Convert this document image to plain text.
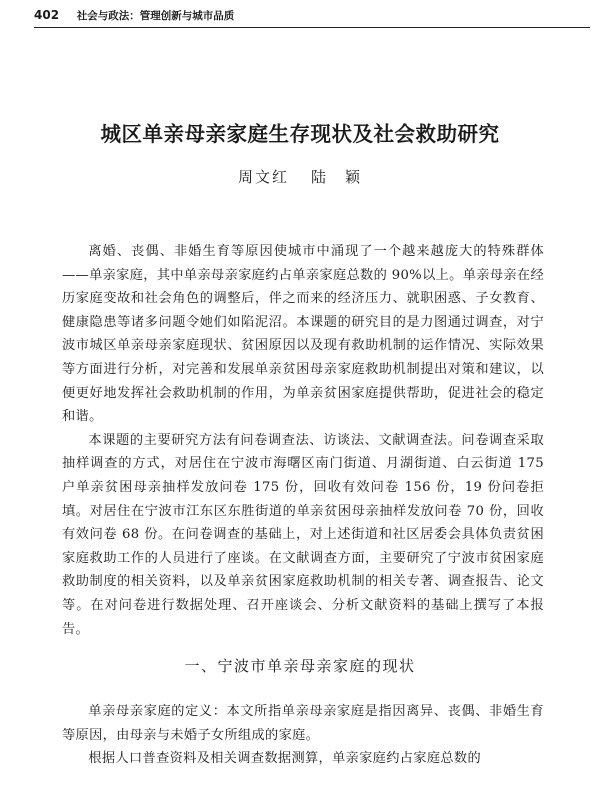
402 社会与政法：管理创新与城市品质
城区单亲母亲家庭生存现状及社会救助研究
周文红 陆　颖

离婚、丧偶、非婚生育等原因使城市中涌现了一个越来越庞大的特殊群体——单亲家庭，其中单亲母亲家庭约占单亲家庭总数的 90%以上。单亲母亲在经历家庭变故和社会角色的调整后，伴之而来的经济压力、就职困惑、子女教育、健康隐患等诸多问题令她们如陷泥沼。本课题的研究目的是力图通过调查，对宁波市城区单亲母亲家庭现状、贫困原因以及现有救助机制的运作情况、实际效果等方面进行分析，对完善和发展单亲贫困母亲家庭救助机制提出对策和建议，以便更好地发挥社会救助机制的作用，为单亲贫困家庭提供帮助，促进社会的稳定和谐。

本课题的主要研究方法有问卷调查法、访谈法、文献调查法。问卷调查采取抽样调查的方式，对居住在宁波市海曙区南门街道、月湖街道、白云街道 175 户单亲贫困母亲抽样发放问卷 175 份，回收有效问卷 156 份，19 份问卷拒填。对居住在宁波市江东区东胜街道的单亲贫困母亲抽样发放问卷 70 份，回收有效问卷 68 份。在问卷调查的基础上，对上述街道和社区居委会具体负责贫困家庭救助工作的人员进行了座谈。在文献调查方面，主要研究了宁波市贫困家庭救助制度的相关资料，以及单亲贫困家庭救助机制的相关专著、调查报告、论文等。在对问卷进行数据处理、召开座谈会、分析文献资料的基础上撰写了本报告。

一、宁波市单亲母亲家庭的现状

单亲母亲家庭的定义：本文所指单亲母亲家庭是指因离异、丧偶、非婚生育等原因，由母亲与未婚子女所组成的家庭。

根据人口普查资料及相关调查数据测算，单亲家庭约占家庭总数的
